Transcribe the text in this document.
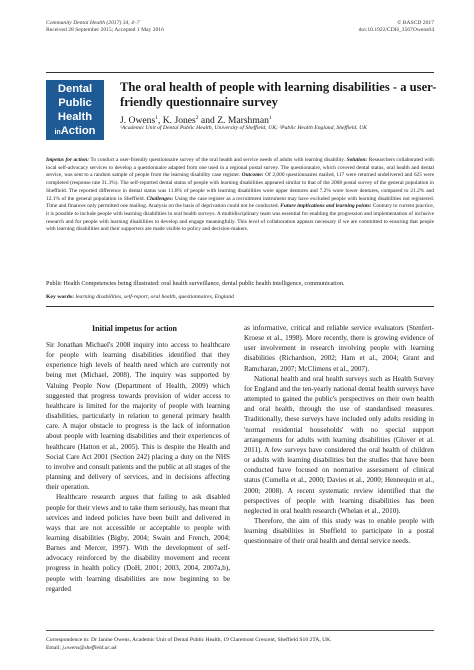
Community Dental Health (2017) 34, 4–7
Received 28 September 2015; Accepted 1 May 2016
© BASCD 2017
doi:10.1922/CDH_3567Owens04
Dental
Public
Health
inAction
The oral health of people with learning disabilities - a user-friendly questionnaire survey
J. Owens$^1$, K. Jones$^2$ and Z. Marshman$^1$
¹Academic Unit of Dental Public Health, University of Sheffield, UK; ²Public Health England, Sheffield, UK

Impetus for action: To conduct a user-friendly questionnaire survey of the oral health and service needs of adults with learning disability. Solution: Researchers collaborated with local self-advocacy services to develop a questionnaire adapted from one used in a regional postal survey. The questionnaire, which covered dental status, oral health and dental service, was sent to a random sample of people from the learning disability case register. Outcome: Of 2,000 questionnaires mailed, 117 were returned undelivered and 625 were completed (response rate 31.3%). The self-reported dental status of people with learning disabilities appeared similar to that of the 2008 postal survey of the general population in Sheffield. The reported difference in dental status was 11.8% of people with learning disabilities wore upper dentures and 7.2% wore lower dentures, compared to 21.2% and 12.1% of the general population in Sheffield. Challenges: Using the case register as a recruitment instrument may have excluded people with learning disabilities not registered. Time and finances only permitted one mailing. Analysis on the basis of deprivation could not be conducted. Future implications and learning points: Contrary to current practice, it is possible to include people with learning disabilities in oral health surveys. A multidisciplinary team was essential for enabling the progression and implementation of inclusive research and for people with learning disabilities to develop and engage meaningfully. This level of collaboration appears necessary if we are committed to ensuring that people with learning disabilities and their supporters are made visible to policy and decision-makers.

Public Health Competencies being illustrated: oral health surveillance, dental public health intelligence, communication.
Key words: learning disabilities, self-report, oral health, questionnaires, England
Initial impetus for action

Sir Jonathan Michael's 2008 inquiry into access to healthcare for people with learning disabilities identified that they experience high levels of health need which are currently not being met (Michael, 2008). The inquiry was supported by Valuing People Now (Department of Health, 2009) which suggested that progress towards provision of wider access to healthcare is limited for the majority of people with learning disabilities, particularly in relation to general primary health care. A major obstacle to progress is the lack of information about people with learning disabilities and their experiences of healthcare (Hatton et al., 2005). This is despite the Health and Social Care Act 2001 (Section 242) placing a duty on the NHS to involve and consult patients and the public at all stages of the planning and delivery of services, and in decisions affecting their operation.

Healthcare research argues that failing to ask disabled people for their views and to take them seriously, has meant that services and indeed policies have been built and delivered in ways that are not accessible or acceptable to people with learning disabilities (Bigby, 2004; Swain and French, 2004; Barnes and Mercer, 1997). With the development of self-advocacy reinforced by the disability movement and recent progress in health policy (DoH, 2001; 2003, 2004, 2007a,b), people with learning disabilities are now beginning to be regarded

as informative, critical and reliable service evaluators (Stenfert-Kroese et al., 1998). More recently, there is growing evidence of user involvement in research involving people with learning disabilities (Richardson, 2002; Ham et al., 2004; Grant and Ramcharan, 2007; McClimens et al., 2007).

National health and oral health surveys such as Health Survey for England and the ten-yearly national dental health surveys have attempted to gained the public's perspectives on their own health and oral health, through the use of standardised measures. Traditionally, these surveys have included only adults residing in 'normal residential households' with no special support arrangements for adults with learning disabilities (Glover et al. 2011). A few surveys have considered the oral health of children or adults with learning disabilities but the studies that have been conducted have focused on normative assessment of clinical status (Cumella et al., 2000; Davies et al., 2000; Hennequin et al., 2000; 2008). A recent systematic review identified that the perspectives of people with learning disabilities has been neglected in oral health research (Whelan et al., 2010).

Therefore, the aim of this study was to enable people with learning disabilities in Sheffield to participate in a postal questionnaire of their oral health and dental service needs.

Correspondence to: Dr Janine Owens, Academic Unit of Dental Public Health, 19 Claremont Crescent, Sheffield S10 2TA, UK.
Email: j.owens@sheffield.ac.uk
